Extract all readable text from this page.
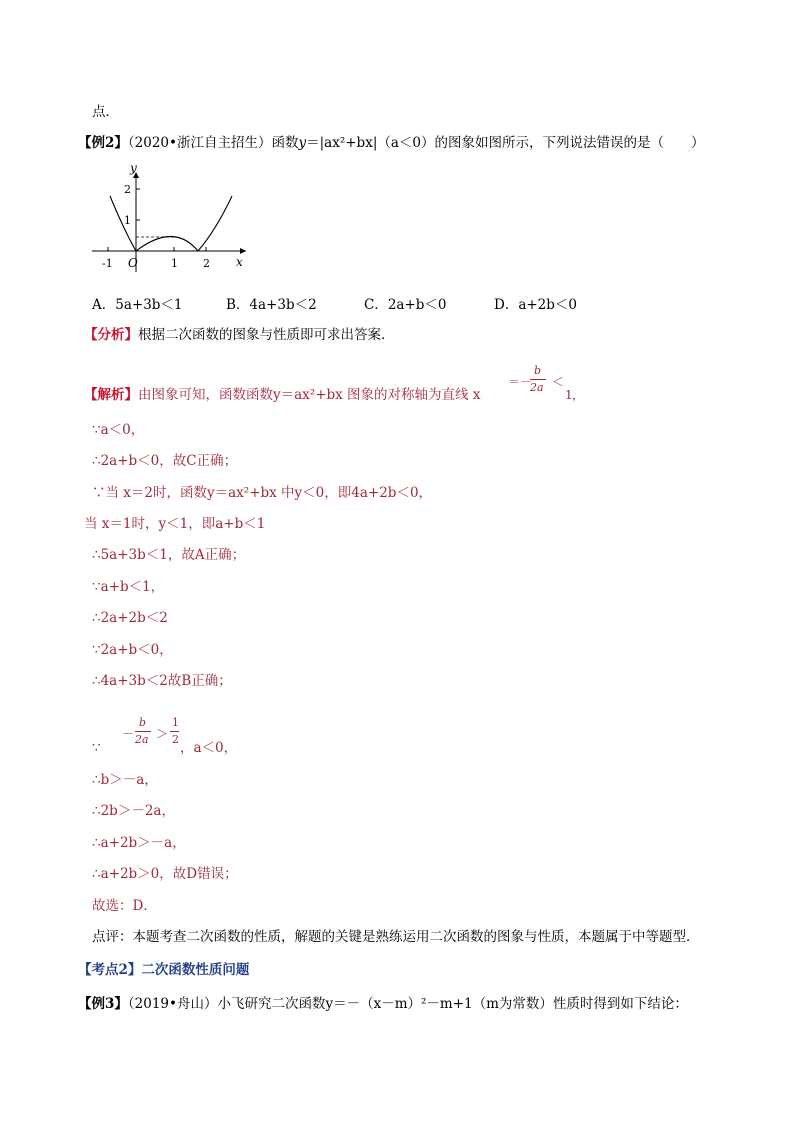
点．
【例2】（2020•浙江自主招生）函数y＝|ax²+bx|（a＜0）的图象如图所示，下列说法错误的是（　　）
y
x
O
-1	1 2
1
2
A．5a+3b＜1	B．4a+3b＜2	C．2a+b＜0	D．a+2b＜0
【分析】根据二次函数的图象与性质即可求出答案．
【解析】由图象可知，函数函数y＝ax²+bx 图象的对称轴为直线 x
＝－
b
2a ＜
1 ，
∵a＜0，
∴2a+b＜0，故C正确；
∵当 x＝2时，函数y＝ax²+bx 中y＜0，即4a+2b＜0，
当 x＝1时，y＜1，即a+b＜1
∴5a+3b＜1，故A正确；
∵a+b＜1，
∴2a+2b＜2
∵2a+b＜0，
∴4a+3b＜2故B正确；
∵
－
b
2a ＞
1
2
，a＜0，
∴b＞－a，
∴2b＞－2a，
∴a+2b＞－a，
∴a+2b＞0，故D错误；
故选：D．
点评：本题考查二次函数的性质，解题的关键是熟练运用二次函数的图象与性质，本题属于中等题型．
【考点2】二次函数性质问题
【例3】（2019•舟山）小飞研究二次函数y＝－（x－m）²－m+1（m为常数）性质时得到如下结论：
